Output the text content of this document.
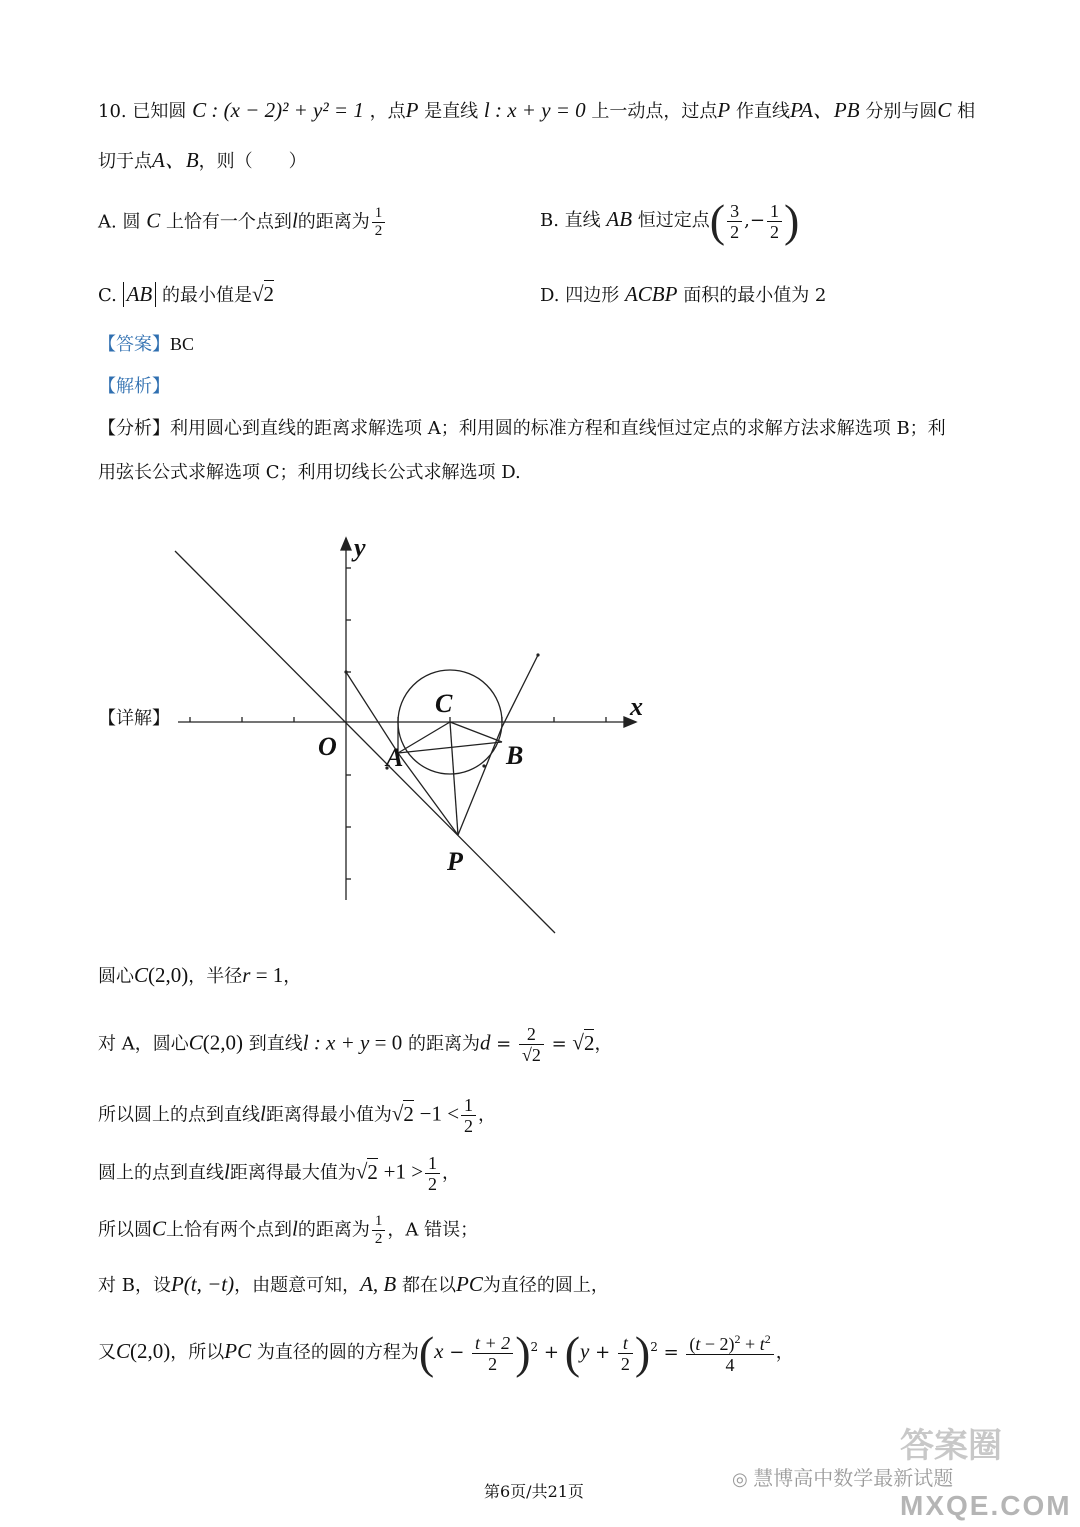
10. 已知圆 C : (x − 2)² + y² = 1 ，点P 是直线 l : x + y = 0 上一动点，过点P 作直线PA、PB 分别与圆C 相
切于点A、B，则（　　）
A. 圆 C 上恰有一个点到l的距离为 $\frac{1}{2}$	B. 直线 AB 恒过定点( $\frac{3}{2}$ ,− $\frac{1}{2}$ )
C. AB 的最小值是√2	D. 四边形 ACBP 面积的最小值为 2
【答案】BC
【解析】
【分析】利用圆心到直线的距离求解选项 A；利用圆的标准方程和直线恒过定点的求解方法求解选项 B；利
用弦长公式求解选项 C；利用切线长公式求解选项 D.
【详解】
y
x
O
C
A	B
P
圆心C(2,0)，半径r = 1，
对 A，圆心C(2,0) 到直线l : x + y = 0 的距离为$d = \frac{2}{√2} = √2$，
所以圆上的点到直线l距离得最小值为$√2 -1 < \frac{1}{2}$ ，
圆上的点到直线l距离得最大值为$√2 +1 > \frac{1}{2}$ ，
所以圆C上恰有两个点到l的距离为 $\frac{1}{2}$ ，A 错误；
对 B，设P(t, −t)，由题意可知，A, B 都在以PC为直径的圆上，
又C(2,0)，所以PC 为直径的圆的方程为$(x - \frac{t + 2}{2} )^2 + (y + \frac{t}{2} )^2 = \frac{(t - 2)^2 + t^2}{4}$ ，
第6页/共21页
◎ 慧博高中数学最新试题
答案圈
MXQE.COM
